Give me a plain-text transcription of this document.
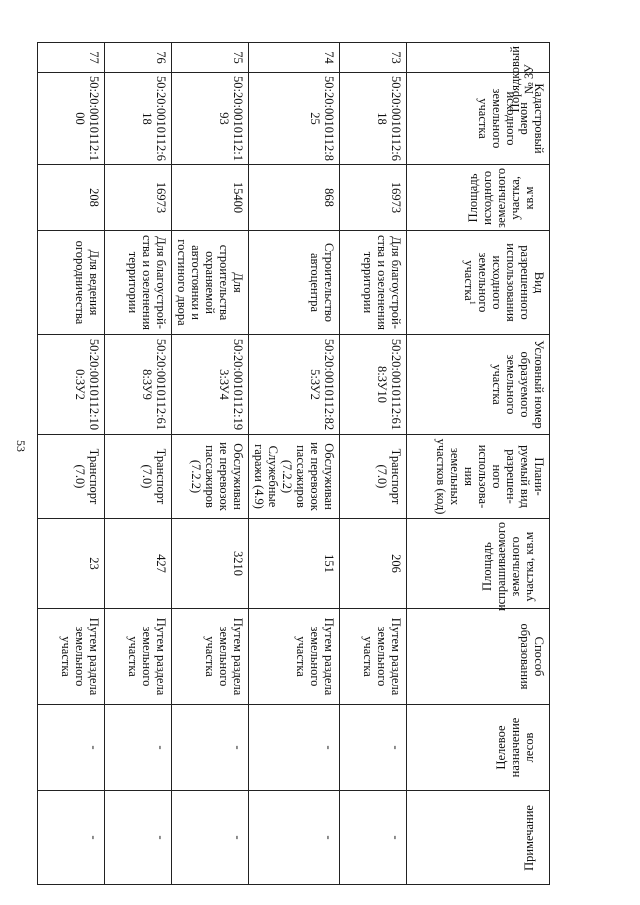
53
Порядковый № ЗУ	Кадастровый номер исходного земельного участка	Площадь исходного земельного участка, кв.м	Вид разрешенного использования исходного земельного участка$^1$	Условный номер образуемого земельного участка	Плани-руемый вид разрешен-ного использова-ния земельных участков (код)	Площадь испрашиваемого земельного участка, кв.м	Способ образования	Целевое назначение лесов	Примечание
73	50:20:0010112:618	16973	Для благоустрой-ства и озеленения территории	50:20:0010112:618:ЗУ10	Транспорт (7.0)	206	Путем раздела земельного участка	-	-
74	50:20:0010112:825	868	Строительство автоцентра	50:20:0010112:825:ЗУ2	Обслуживан ие перевозок пассажиров (7.2.2) Служебные гаражи (4.9)	151	Путем раздела земельного участка	-	-
75	50:20:0010112:193	15400	Для строительства охраняемой автостоянки и гостиного двора	50:20:0010112:193:ЗУ4	Обслуживан ие перевозок пассажиров (7.2.2)	3210	Путем раздела земельного участка	-	-
76	50:20:0010112:618	16973	Для благоустрой-ства и озеленения территории	50:20:0010112:618:ЗУ9	Транспорт (7.0)	427	Путем раздела земельного участка	-	-
77	50:20:0010112:100	208	Для ведения огородничества	50:20:0010112:100:ЗУ2	Транспорт (7.0)	23	Путем раздела земельного участка	-	-
